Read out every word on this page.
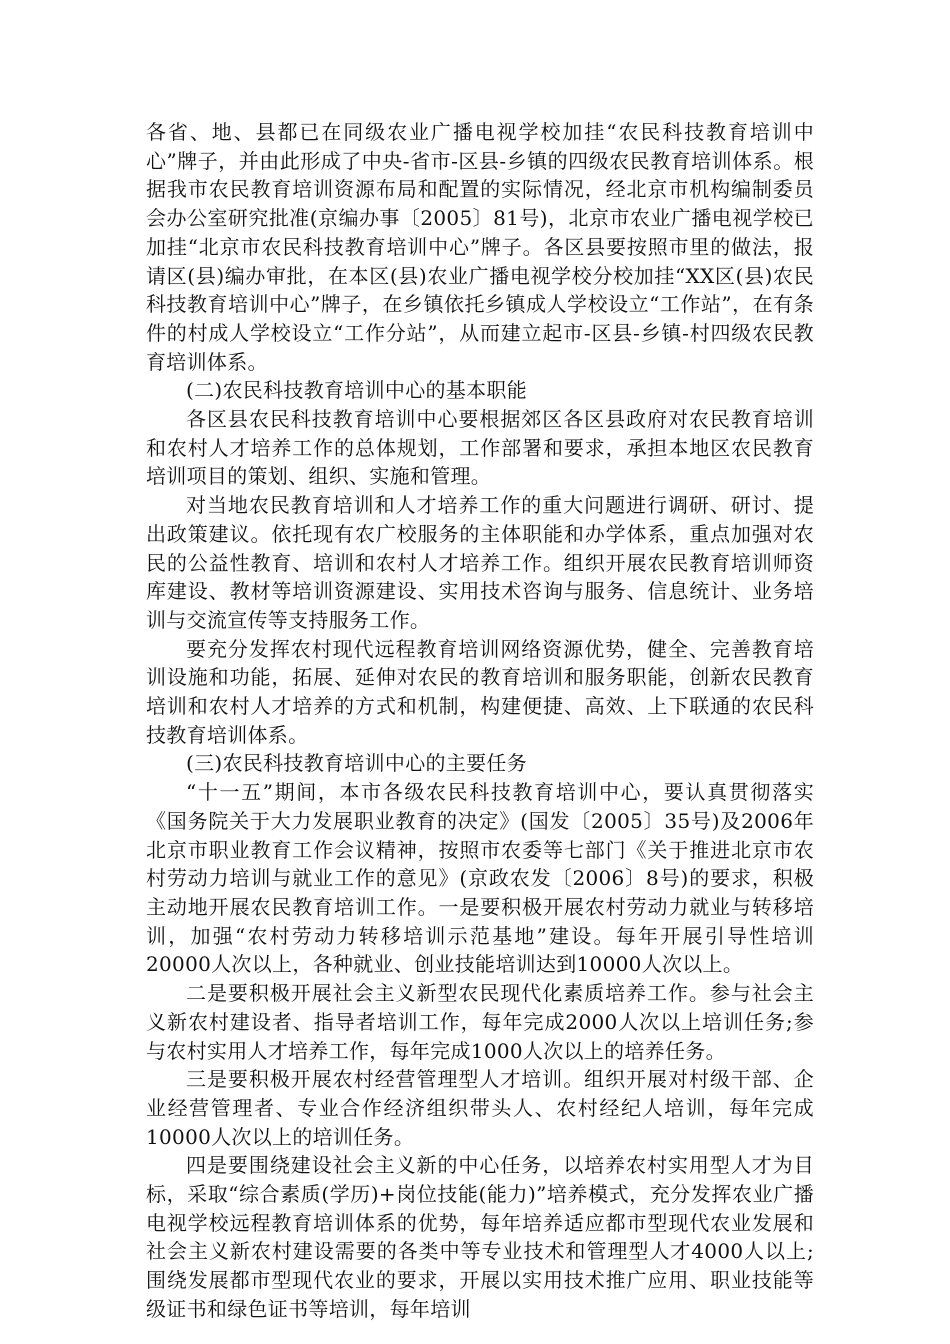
各省、地、县都已在同级农业广播电视学校加挂“农民科技教育培训中心”牌子，并由此形成了中央-省市-区县-乡镇的四级农民教育培训体系。根据我市农民教育培训资源布局和配置的实际情况，经北京市机构编制委员会办公室研究批准(京编办事〔2005〕81号)，北京市农业广播电视学校已加挂“北京市农民科技教育培训中心”牌子。各区县要按照市里的做法，报请区(县)编办审批，在本区(县)农业广播电视学校分校加挂“XX区(县)农民科技教育培训中心”牌子，在乡镇依托乡镇成人学校设立“工作站”，在有条件的村成人学校设立“工作分站”，从而建立起市-区县-乡镇-村四级农民教育培训体系。

(二)农民科技教育培训中心的基本职能

各区县农民科技教育培训中心要根据郊区各区县政府对农民教育培训和农村人才培养工作的总体规划，工作部署和要求，承担本地区农民教育培训项目的策划、组织、实施和管理。

对当地农民教育培训和人才培养工作的重大问题进行调研、研讨、提出政策建议。依托现有农广校服务的主体职能和办学体系，重点加强对农民的公益性教育、培训和农村人才培养工作。组织开展农民教育培训师资库建设、教材等培训资源建设、实用技术咨询与服务、信息统计、业务培训与交流宣传等支持服务工作。

要充分发挥农村现代远程教育培训网络资源优势，健全、完善教育培训设施和功能，拓展、延伸对农民的教育培训和服务职能，创新农民教育培训和农村人才培养的方式和机制，构建便捷、高效、上下联通的农民科技教育培训体系。

(三)农民科技教育培训中心的主要任务

“十一五”期间，本市各级农民科技教育培训中心，要认真贯彻落实《国务院关于大力发展职业教育的决定》(国发〔2005〕35号)及2006年北京市职业教育工作会议精神，按照市农委等七部门《关于推进北京市农村劳动力培训与就业工作的意见》(京政农发〔2006〕8号)的要求，积极主动地开展农民教育培训工作。一是要积极开展农村劳动力就业与转移培训，加强“农村劳动力转移培训示范基地”建设。每年开展引导性培训20000人次以上，各种就业、创业技能培训达到10000人次以上。

二是要积极开展社会主义新型农民现代化素质培养工作。参与社会主义新农村建设者、指导者培训工作，每年完成2000人次以上培训任务;参与农村实用人才培养工作，每年完成1000人次以上的培养任务。

三是要积极开展农村经营管理型人才培训。组织开展对村级干部、企业经营管理者、专业合作经济组织带头人、农村经纪人培训，每年完成10000人次以上的培训任务。

四是要围绕建设社会主义新的中心任务，以培养农村实用型人才为目标，采取“综合素质(学历)+岗位技能(能力)”培养模式，充分发挥农业广播电视学校远程教育培训体系的优势，每年培养适应都市型现代农业发展和社会主义新农村建设需要的各类中等专业技术和管理型人才4000人以上;围绕发展都市型现代农业的要求，开展以实用技术推广应用、职业技能等级证书和绿色证书等培训，每年培训
